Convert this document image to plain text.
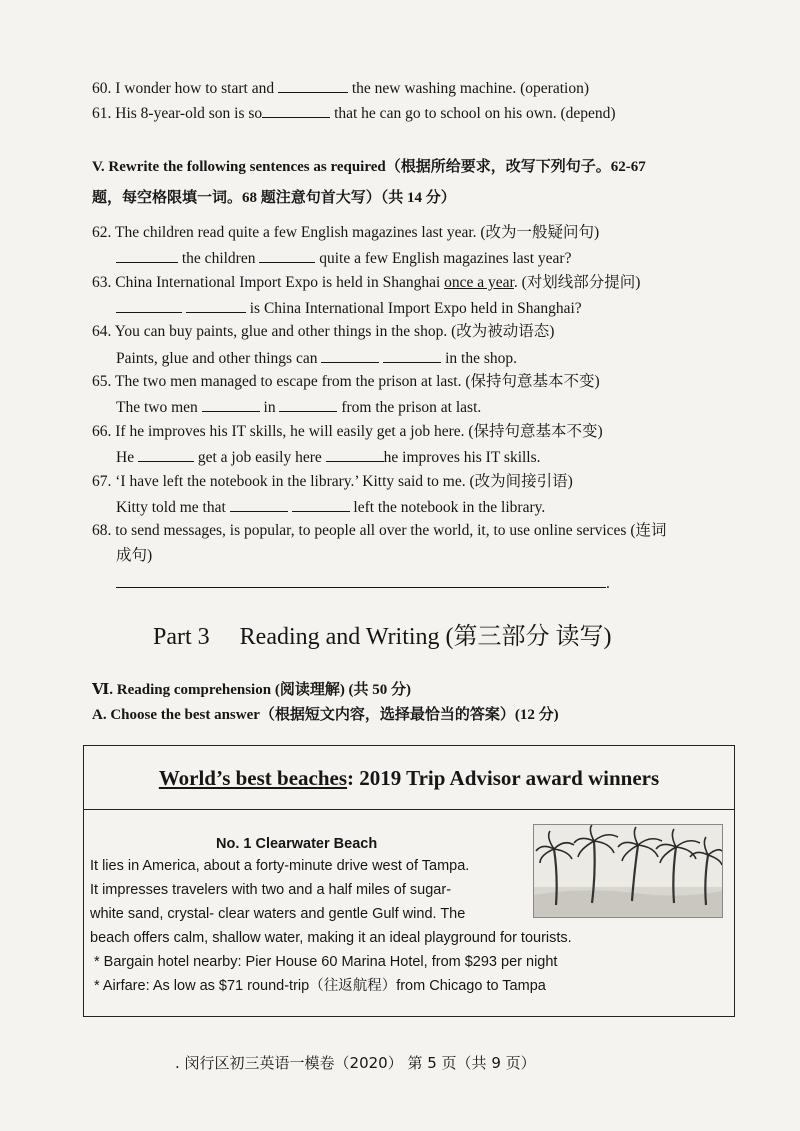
60. I wonder how to start and	the new washing machine. (operation)
61. His 8-year-old son is so	that he can go to school on his own. (depend)
V. Rewrite the following sentences as required（根据所给要求，改写下列句子。62-67
题，每空格限填一词。68 题注意句首大写）（共 14 分）
62. The children read quite a few English magazines last year. (改为一般疑问句)
the children	quite a few English magazines last year?
63. China International Import Expo is held in Shanghai once a year. (对划线部分提问)
is China International Import Expo held in Shanghai?
64. You can buy paints, glue and other things in the shop. (改为被动语态)
Paints, glue and other things can	in the shop.
65. The two men managed to escape from the prison at last. (保持句意基本不变)
The two men	in	from the prison at last.
66. If he improves his IT skills, he will easily get a job here. (保持句意基本不变)
He	get a job easily here	he improves his IT skills.
67. ‘I have left the notebook in the library.’ Kitty said to me. (改为间接引语)
Kitty told me that	left the notebook in the library.
68. to send messages, is popular, to people all over the world, it, to use online services (连词
成句)
.
Part 3 Reading and Writing (第三部分 读写)
Ⅵ. Reading comprehension (阅读理解) (共 50 分)
A. Choose the best answer（根据短文内容，选择最恰当的答案）(12 分)
World’s best beaches: 2019 Trip Advisor award winners
No. 1 Clearwater Beach
It lies in America, about a forty-minute drive west of Tampa.
It impresses travelers with two and a half miles of sugar-
white sand, crystal- clear waters and gentle Gulf wind. The
beach offers calm, shallow water, making it an ideal playground for tourists.
* Bargain hotel nearby: Pier House 60 Marina Hotel, from $293 per night
* Airfare: As low as $71 round-trip（往返航程）from Chicago to Tampa
. 闵行区初三英语一模卷（2020） 第 5 页（共 9 页）
